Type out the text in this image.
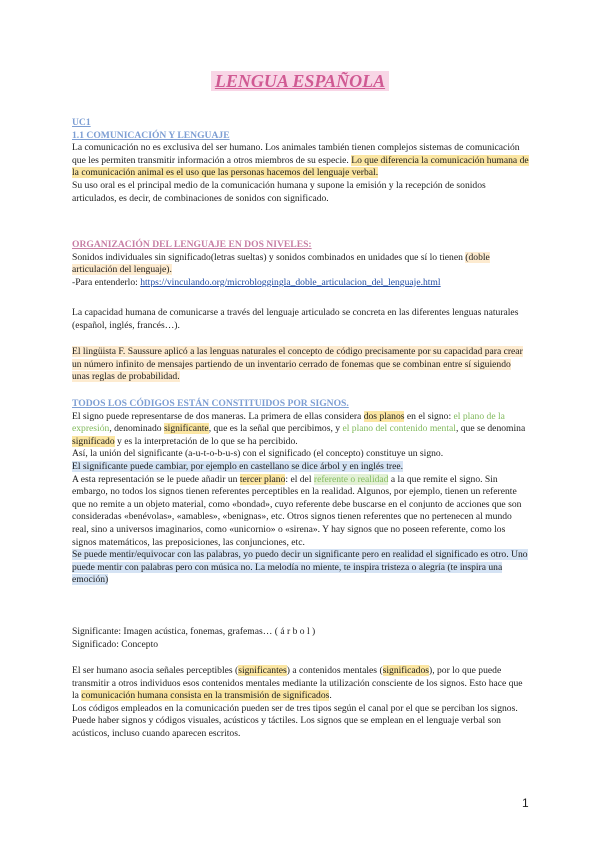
LENGUA ESPAÑOLA

UC1

1.1 COMUNICACIÓN Y LENGUAJE

La comunicación no es exclusiva del ser humano. Los animales también tienen complejos sistemas de comunicación que les permiten transmitir información a otros miembros de su especie. Lo que diferencia la comunicación humana de la comunicación animal es el uso que las personas hacemos del lenguaje verbal.

Su uso oral es el principal medio de la comunicación humana y supone la emisión y la recepción de sonidos articulados, es decir, de combinaciones de sonidos con significado.

ORGANIZACIÓN DEL LENGUAJE EN DOS NIVELES:

Sonidos individuales sin significado(letras sueltas) y sonidos combinados en unidades que sí lo tienen (doble articulación del lenguaje).

-Para entenderlo: https://vinculando.org/microbloggingla_doble_articulacion_del_lenguaje.html

La capacidad humana de comunicarse a través del lenguaje articulado se concreta en las diferentes lenguas naturales (español, inglés, francés…).
El lingüista F. Saussure aplicó a las lenguas naturales el concepto de código precisamente por su capacidad para crear un número infinito de mensajes partiendo de un inventario cerrado de fonemas que se combinan entre sí siguiendo unas reglas de probabilidad.

TODOS LOS CÓDIGOS ESTÁN CONSTITUIDOS POR SIGNOS.

El signo puede representarse de dos maneras. La primera de ellas considera dos planos en el signo: el plano de la expresión, denominado significante, que es la señal que percibimos, y el plano del contenido mental, que se denomina significado y es la interpretación de lo que se ha percibido.

Así, la unión del significante (a-u-t-o-b-u-s) con el significado (el concepto) constituye un signo.

El significante puede cambiar, por ejemplo en castellano se dice árbol y en inglés tree.

A esta representación se le puede añadir un tercer plano: el del referente o realidad a la que remite el signo. Sin embargo, no todos los signos tienen referentes perceptibles en la realidad. Algunos, por ejemplo, tienen un referente que no remite a un objeto material, como «bondad», cuyo referente debe buscarse en el conjunto de acciones que son consideradas «benévolas», «amables», «benignas», etc. Otros signos tienen referentes que no pertenecen al mundo real, sino a universos imaginarios, como «unicornio» o «sirena». Y hay signos que no poseen referente, como los signos matemáticos, las preposiciones, las conjunciones, etc.

Se puede mentir/equivocar con las palabras, yo puedo decir un significante pero en realidad el significado es otro. Uno puede mentir con palabras pero con música no. La melodía no miente, te inspira tristeza o alegría (te inspira una emoción)

Significante: Imagen acústica, fonemas, grafemas… ( á r b o l )

Significado: Concepto

El ser humano asocia señales perceptibles (significantes) a contenidos mentales (significados), por lo que puede transmitir a otros individuos esos contenidos mentales mediante la utilización consciente de los signos. Esto hace que la comunicación humana consista en la transmisión de significados.

Los códigos empleados en la comunicación pueden ser de tres tipos según el canal por el que se perciban los signos. Puede haber signos y códigos visuales, acústicos y táctiles. Los signos que se emplean en el lenguaje verbal son acústicos, incluso cuando aparecen escritos.

1
